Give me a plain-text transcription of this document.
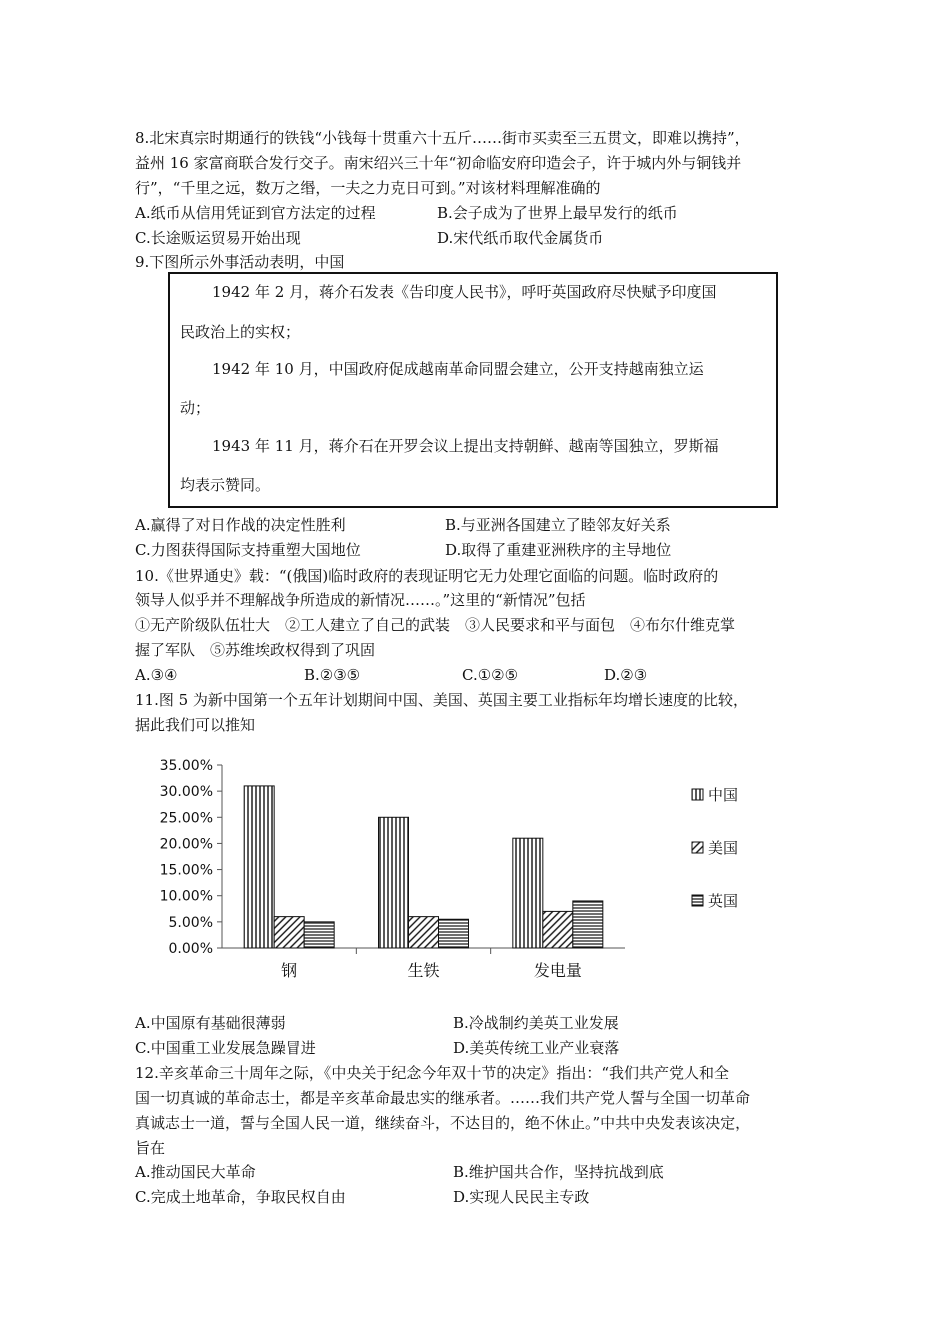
8.北宋真宗时期通行的铁钱“小钱每十贯重六十五斤……街市买卖至三五贯文，即难以携持”，
益州 16 家富商联合发行交子。南宋绍兴三十年“初命临安府印造会子，许于城内外与铜钱并
行”，“千里之远，数万之缗，一夫之力克日可到。”对该材料理解准确的
A.纸币从信用凭证到官方法定的过程	B.会子成为了世界上最早发行的纸币
C.长途贩运贸易开始出现	D.宋代纸币取代金属货币
9.下图所示外事活动表明，中国
1942 年 2 月，蒋介石发表《告印度人民书》，呼吁英国政府尽快赋予印度国
民政治上的实权；
1942 年 10 月，中国政府促成越南革命同盟会建立，公开支持越南独立运
动；
1943 年 11 月，蒋介石在开罗会议上提出支持朝鲜、越南等国独立，罗斯福
均表示赞同。
A.赢得了对日作战的决定性胜利	B.与亚洲各国建立了睦邻友好关系
C.力图获得国际支持重塑大国地位	D.取得了重建亚洲秩序的主导地位
10.《世界通史》载：“(俄国)临时政府的表现证明它无力处理它面临的问题。临时政府的
领导人似乎并不理解战争所造成的新情况……。”这里的“新情况”包括
①无产阶级队伍壮大　②工人建立了自己的武装　③人民要求和平与面包　④布尔什维克掌
握了军队　⑤苏维埃政权得到了巩固
A.③④	B.②③⑤	C.①②⑤	D.②③
11.图 5 为新中国第一个五年计划期间中国、美国、英国主要工业指标年均增长速度的比较，
据此我们可以推知
0.00%
5.00%
10.00%
15.00%
20.00%
25.00%
30.00%
35.00%
钢	生铁	发电量
中国
美国
英国
A.中国原有基础很薄弱	B.冷战制约美英工业发展
C.中国重工业发展急躁冒进	D.美英传统工业产业衰落
12.辛亥革命三十周年之际，《中央关于纪念今年双十节的决定》指出：“我们共产党人和全
国一切真诚的革命志士，都是辛亥革命最忠实的继承者。……我们共产党人誓与全国一切革命
真诚志士一道，誓与全国人民一道，继续奋斗，不达目的，绝不休止。”中共中央发表该决定，
旨在
A.推动国民大革命	B.维护国共合作，坚持抗战到底
C.完成土地革命，争取民权自由	D.实现人民民主专政
